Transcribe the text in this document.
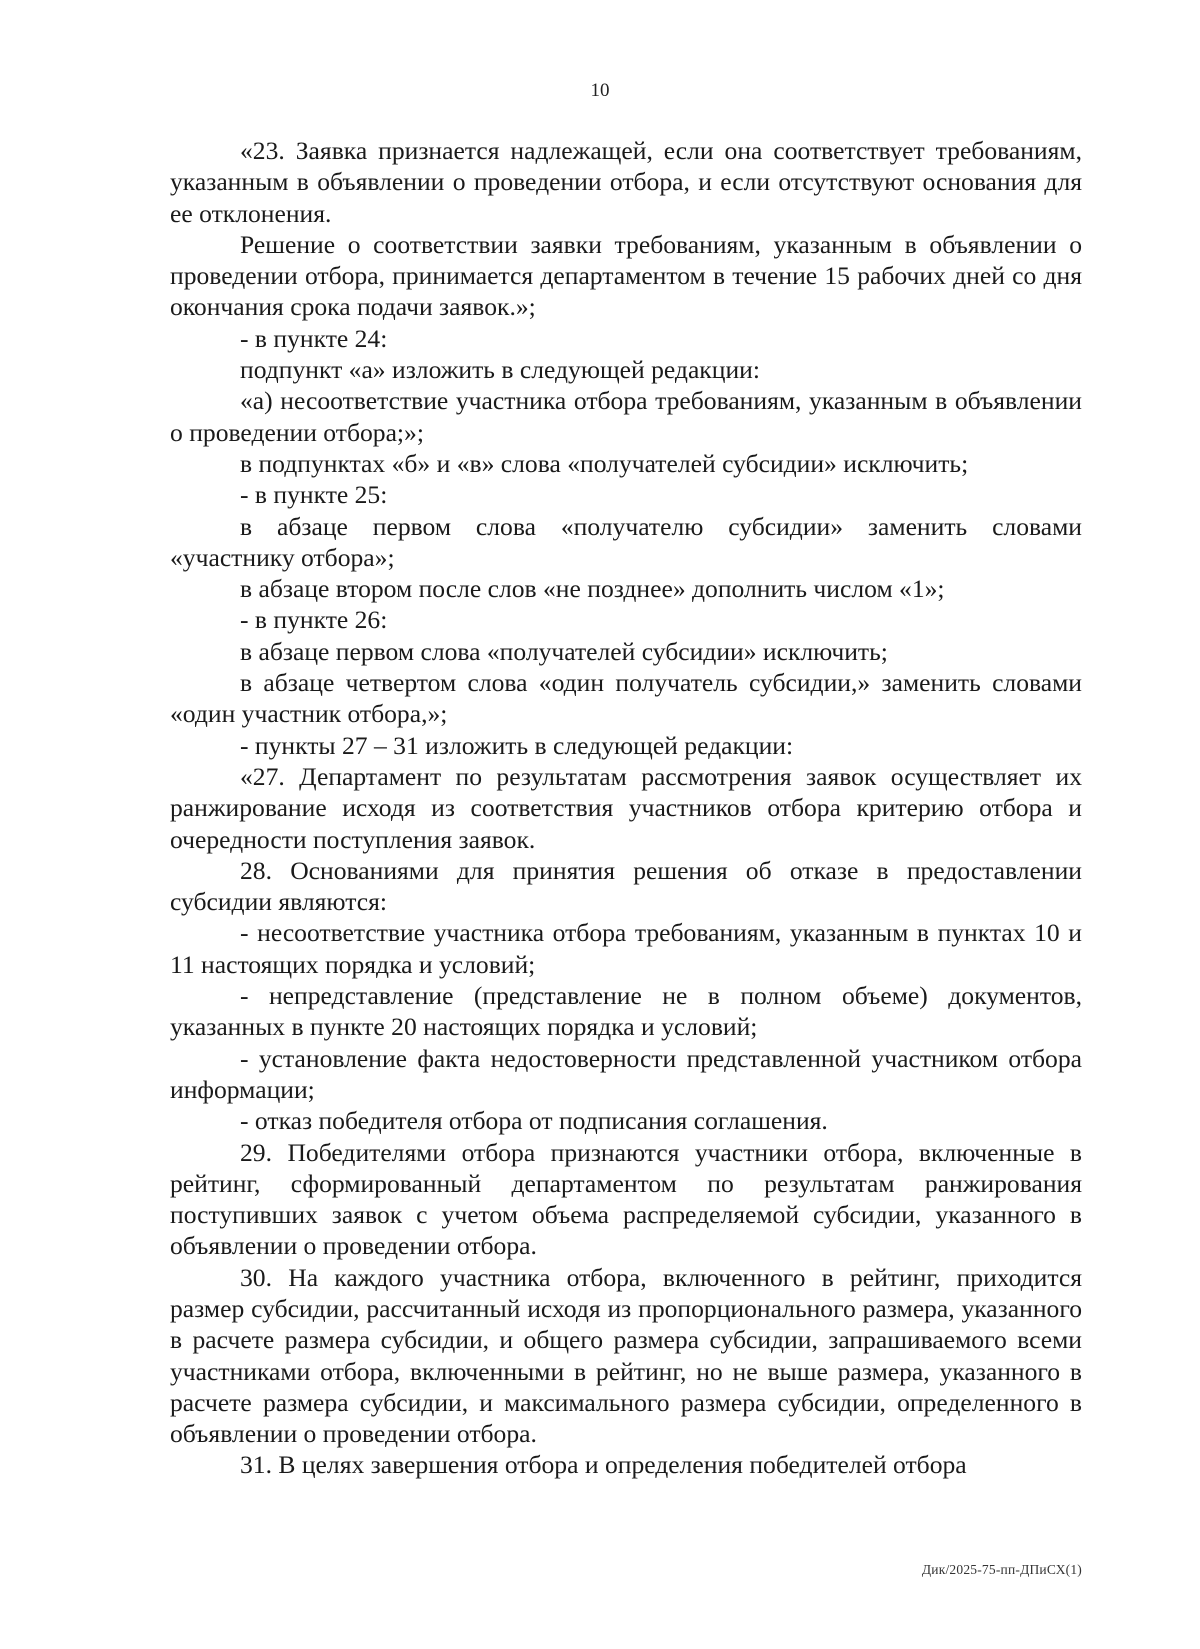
10

«23. Заявка признается надлежащей, если она соответствует требованиям, указанным в объявлении о проведении отбора, и если отсутствуют основания для ее отклонения.

Решение о соответствии заявки требованиям, указанным в объявлении о проведении отбора, принимается департаментом в течение 15 рабочих дней со дня окончания срока подачи заявок.»;

- в пункте 24:

подпункт «а» изложить в следующей редакции:

«а) несоответствие участника отбора требованиям, указанным в объявлении о проведении отбора;»;

в подпунктах «б» и «в» слова «получателей субсидии» исключить;

- в пункте 25:

в абзаце первом слова «получателю субсидии» заменить словами «участнику отбора»;

в абзаце втором после слов «не позднее» дополнить числом «1»;

- в пункте 26:

в абзаце первом слова «получателей субсидии» исключить;

в абзаце четвертом слова «один получатель субсидии,» заменить словами «один участник отбора,»;

- пункты 27 – 31 изложить в следующей редакции:

«27. Департамент по результатам рассмотрения заявок осуществляет их ранжирование исходя из соответствия участников отбора критерию отбора и очередности поступления заявок.

28. Основаниями для принятия решения об отказе в предоставлении субсидии являются:

- несоответствие участника отбора требованиям, указанным в пунктах 10 и 11 настоящих порядка и условий;

- непредставление (представление не в полном объеме) документов, указанных в пункте 20 настоящих порядка и условий;

- установление факта недостоверности представленной участником отбора информации;

- отказ победителя отбора от подписания соглашения.

29. Победителями отбора признаются участники отбора, включенные в рейтинг, сформированный департаментом по результатам ранжирования поступивших заявок с учетом объема распределяемой субсидии, указанного в объявлении о проведении отбора.

30. На каждого участника отбора, включенного в рейтинг, приходится размер субсидии, рассчитанный исходя из пропорционального размера, указанного в расчете размера субсидии, и общего размера субсидии, запрашиваемого всеми участниками отбора, включенными в рейтинг, но не выше размера, указанного в расчете размера субсидии, и максимального размера субсидии, определенного в объявлении о проведении отбора.

31. В целях завершения отбора и определения победителей отбора

Дик/2025-75-пп-ДПиСХ(1)
